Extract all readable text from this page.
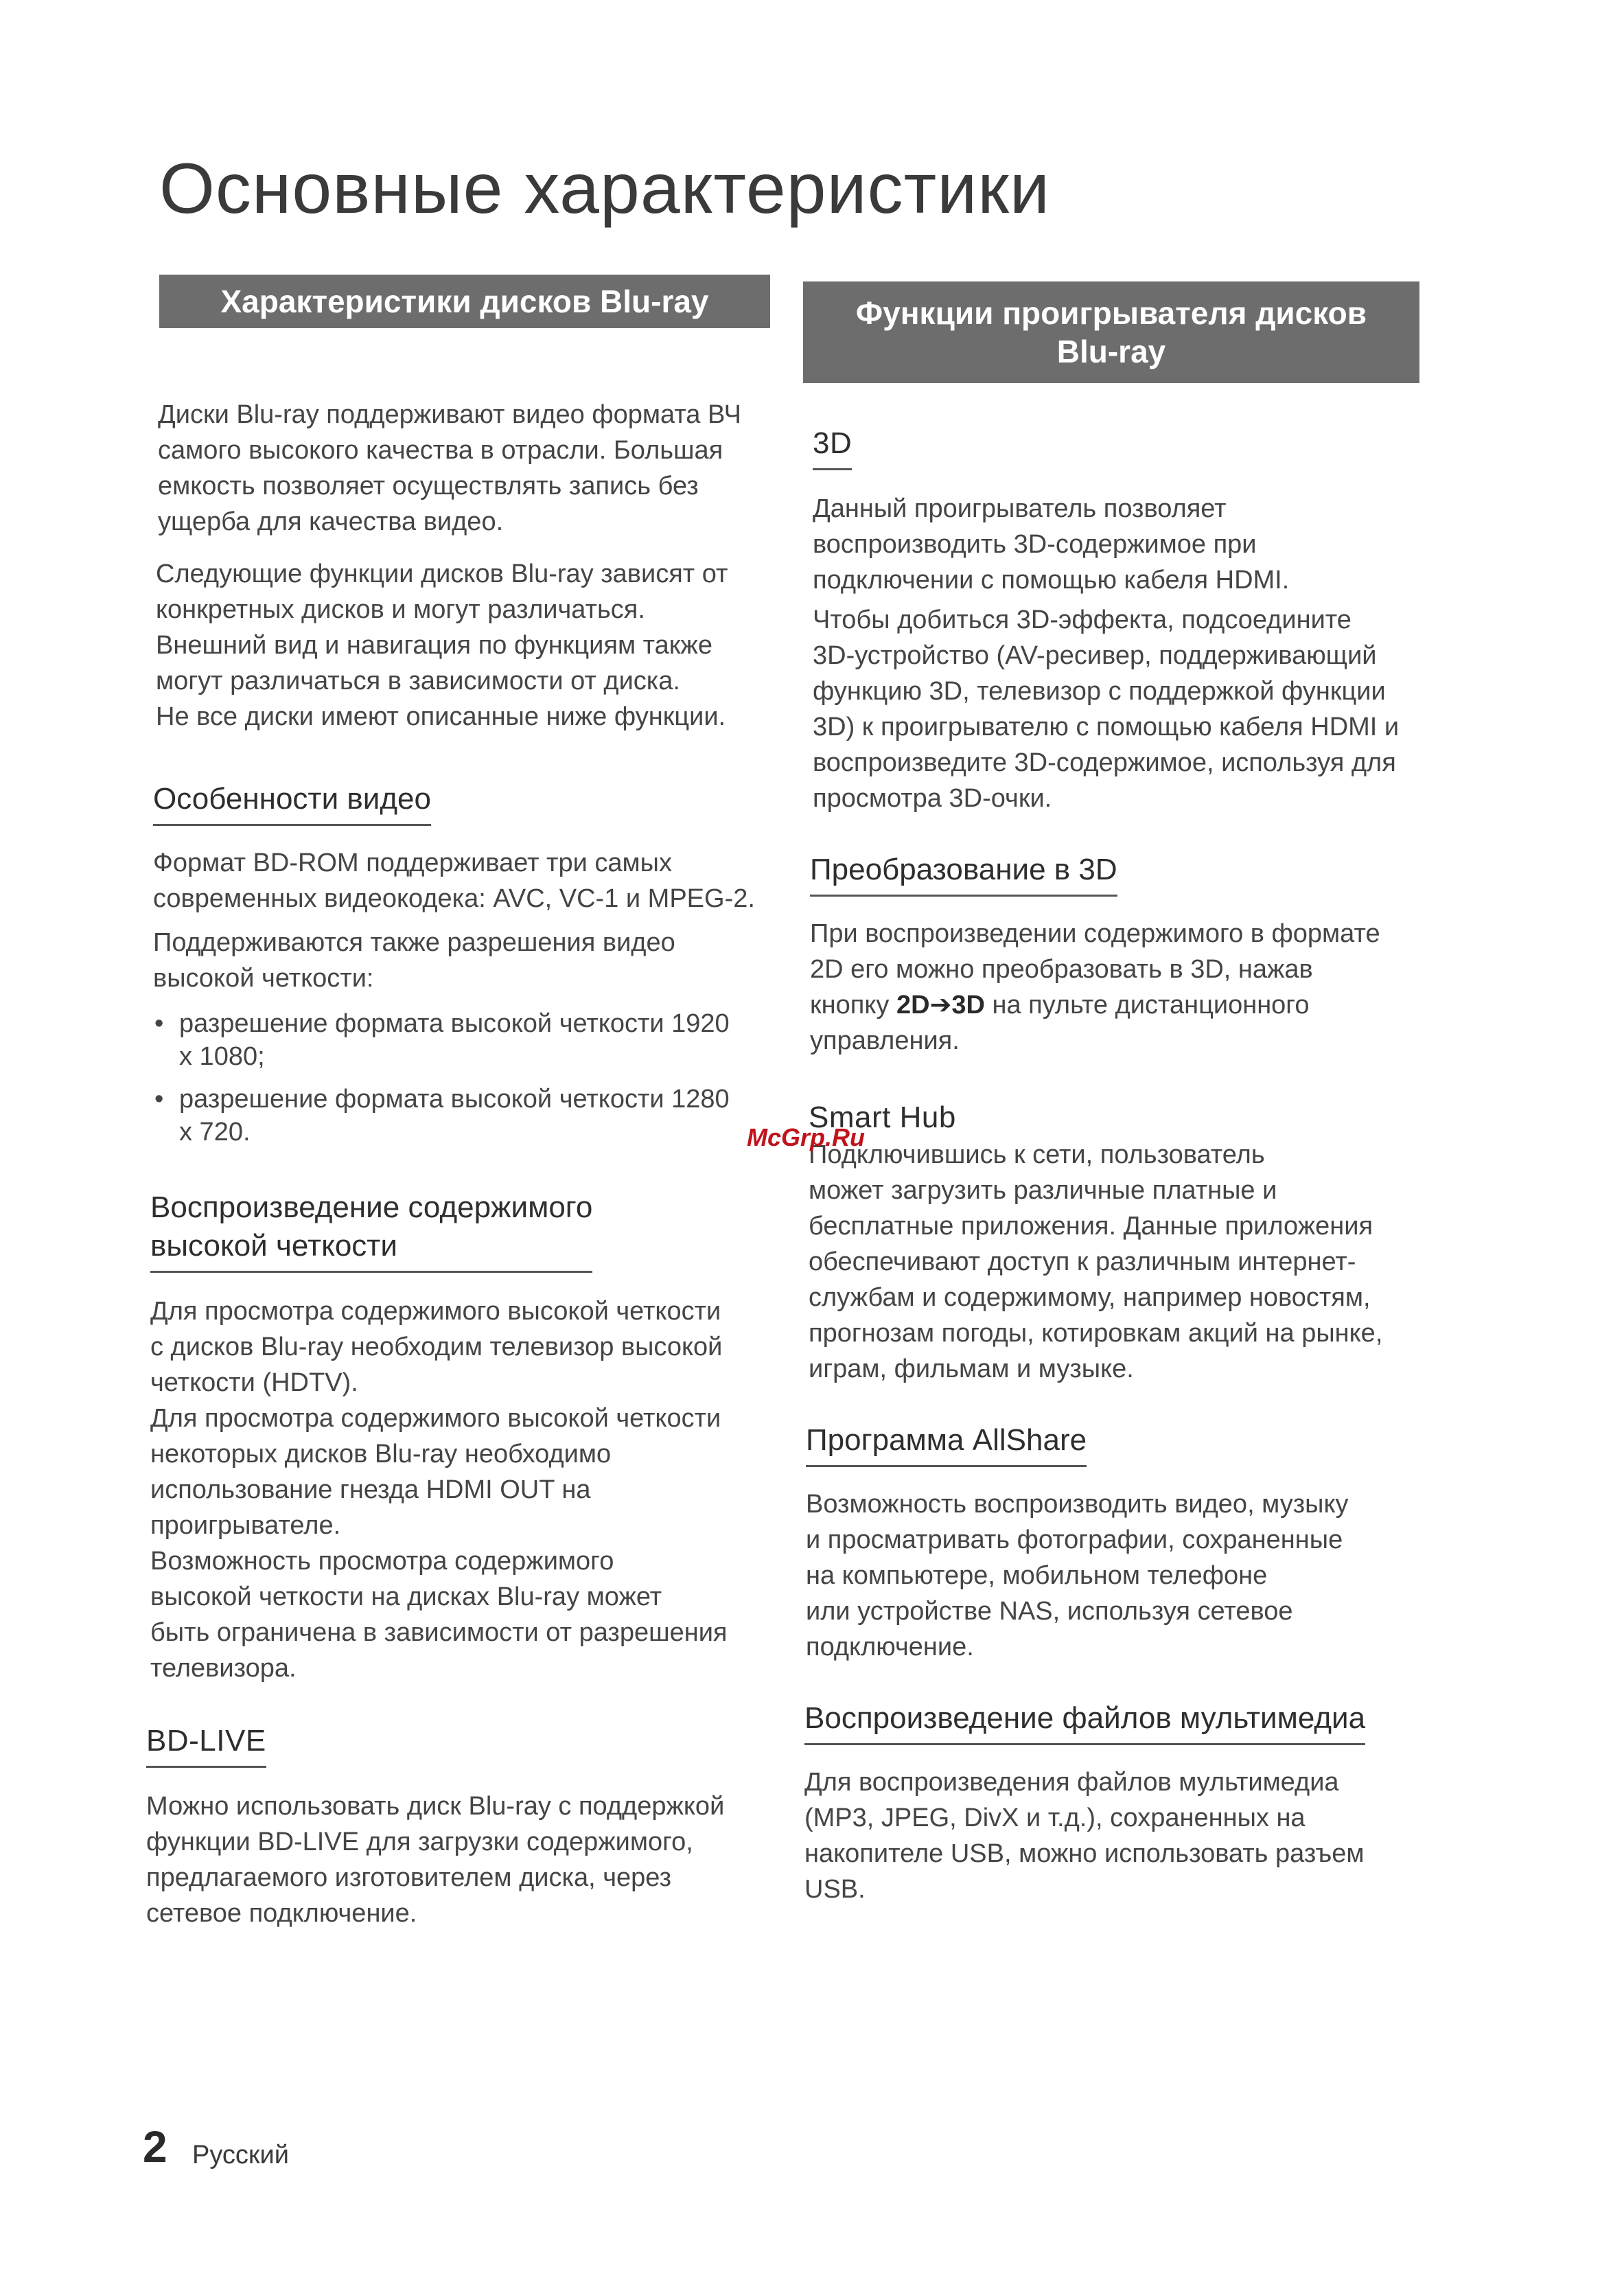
Основные характеристики
Характеристики дисков Blu-ray

Диски Blu-ray поддерживают видео формата ВЧ
самого высокого качества в отрасли. Большая
емкость позволяет осуществлять запись без
ущерба для качества видео.

Следующие функции дисков Blu-ray зависят от
конкретных дисков и могут различаться.
Внешний вид и навигация по функциям также
могут различаться в зависимости от диска.
Не все диски имеют описанные ниже функции.

Особенности видео

Формат BD-ROM поддерживает три самых
современных видеокодека: AVC, VC-1 и MPEG-2.

Поддерживаются также разрешения видео
высокой четкости:

• разрешение формата высокой четкости 1920
x 1080;
• разрешение формата высокой четкости 1280
x 720.
Воспроизведение содержимого
высокой четкости

Для просмотра содержимого высокой четкости
с дисков Blu-ray необходим телевизор высокой
четкости (HDTV).

Для просмотра содержимого высокой четкости
некоторых дисков Blu-ray необходимо
использование гнезда HDMI OUT на
проигрывателе.

Возможность просмотра содержимого
высокой четкости на дисках Blu-ray может
быть ограничена в зависимости от разрешения
телевизора.

BD-LIVE

Можно использовать диск Blu-ray с поддержкой
функции BD-LIVE для загрузки содержимого,
предлагаемого изготовителем диска, через
сетевое подключение.

Функции проигрывателя дисков
Blu-ray
3D

Данный проигрыватель позволяет
воспроизводить 3D-содержимое при
подключении с помощью кабеля HDMI.

Чтобы добиться 3D-эффекта, подсоедините
3D-устройство (AV-ресивер, поддерживающий
функцию 3D, телевизор с поддержкой функции
3D) к проигрывателю с помощью кабеля HDMI и
воспроизведите 3D-содержимое, используя для
просмотра 3D-очки.

Преобразование в 3D

При воспроизведении содержимого в формате
2D его можно преобразовать в 3D, нажав
кнопку 2D➔3D на пульте дистанционного
управления.

Smart Hub

Подключившись к сети, пользователь
может загрузить различные платные и
бесплатные приложения. Данные приложения
обеспечивают доступ к различным интернет-
службам и содержимому, например новостям,
прогнозам погоды, котировкам акций на рынке,
играм, фильмам и музыке.

Программа AllShare

Возможность воспроизводить видео, музыку
и просматривать фотографии, сохраненные
на компьютере, мобильном телефоне
или устройстве NAS, используя сетевое
подключение.

Воспроизведение файлов мультимедиа

Для воспроизведения файлов мультимедиа
(MP3, JPEG, DivX и т.д.), сохраненных на
накопителе USB, можно использовать разъем
USB.

McGrp.Ru
2 Русский
